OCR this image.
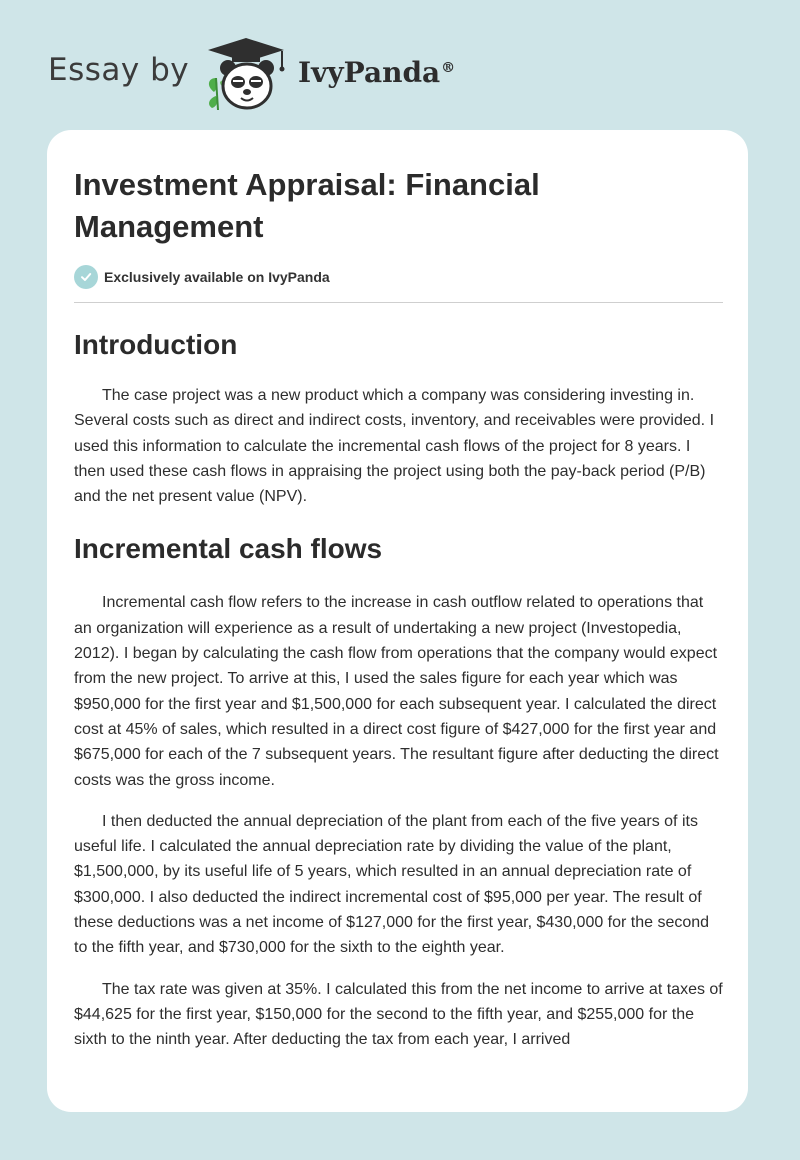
Essay by	IvyPanda®
Investment Appraisal: Financial Management
Exclusively available on IvyPanda
Introduction

The case project was a new product which a company was considering investing in. Several costs such as direct and indirect costs, inventory, and receivables were provided. I used this information to calculate the incremental cash flows of the project for 8 years. I then used these cash flows in appraising the project using both the pay-back period (P/B) and the net present value (NPV).

Incremental cash flows

Incremental cash flow refers to the increase in cash outflow related to operations that an organization will experience as a result of undertaking a new project (Investopedia, 2012). I began by calculating the cash flow from operations that the company would expect from the new project. To arrive at this, I used the sales figure for each year which was $950,000 for the first year and $1,500,000 for each subsequent year. I calculated the direct cost at 45% of sales, which resulted in a direct cost figure of $427,000 for the first year and $675,000 for each of the 7 subsequent years. The resultant figure after deducting the direct costs was the gross income.

I then deducted the annual depreciation of the plant from each of the five years of its useful life. I calculated the annual depreciation rate by dividing the value of the plant, $1,500,000, by its useful life of 5 years, which resulted in an annual depreciation rate of $300,000. I also deducted the indirect incremental cost of $95,000 per year. The result of these deductions was a net income of $127,000 for the first year, $430,000 for the second to the fifth year, and $730,000 for the sixth to the eighth year.

The tax rate was given at 35%. I calculated this from the net income to arrive at taxes of $44,625 for the first year, $150,000 for the second to the fifth year, and $255,000 for the sixth to the ninth year. After deducting the tax from each year, I arrived
